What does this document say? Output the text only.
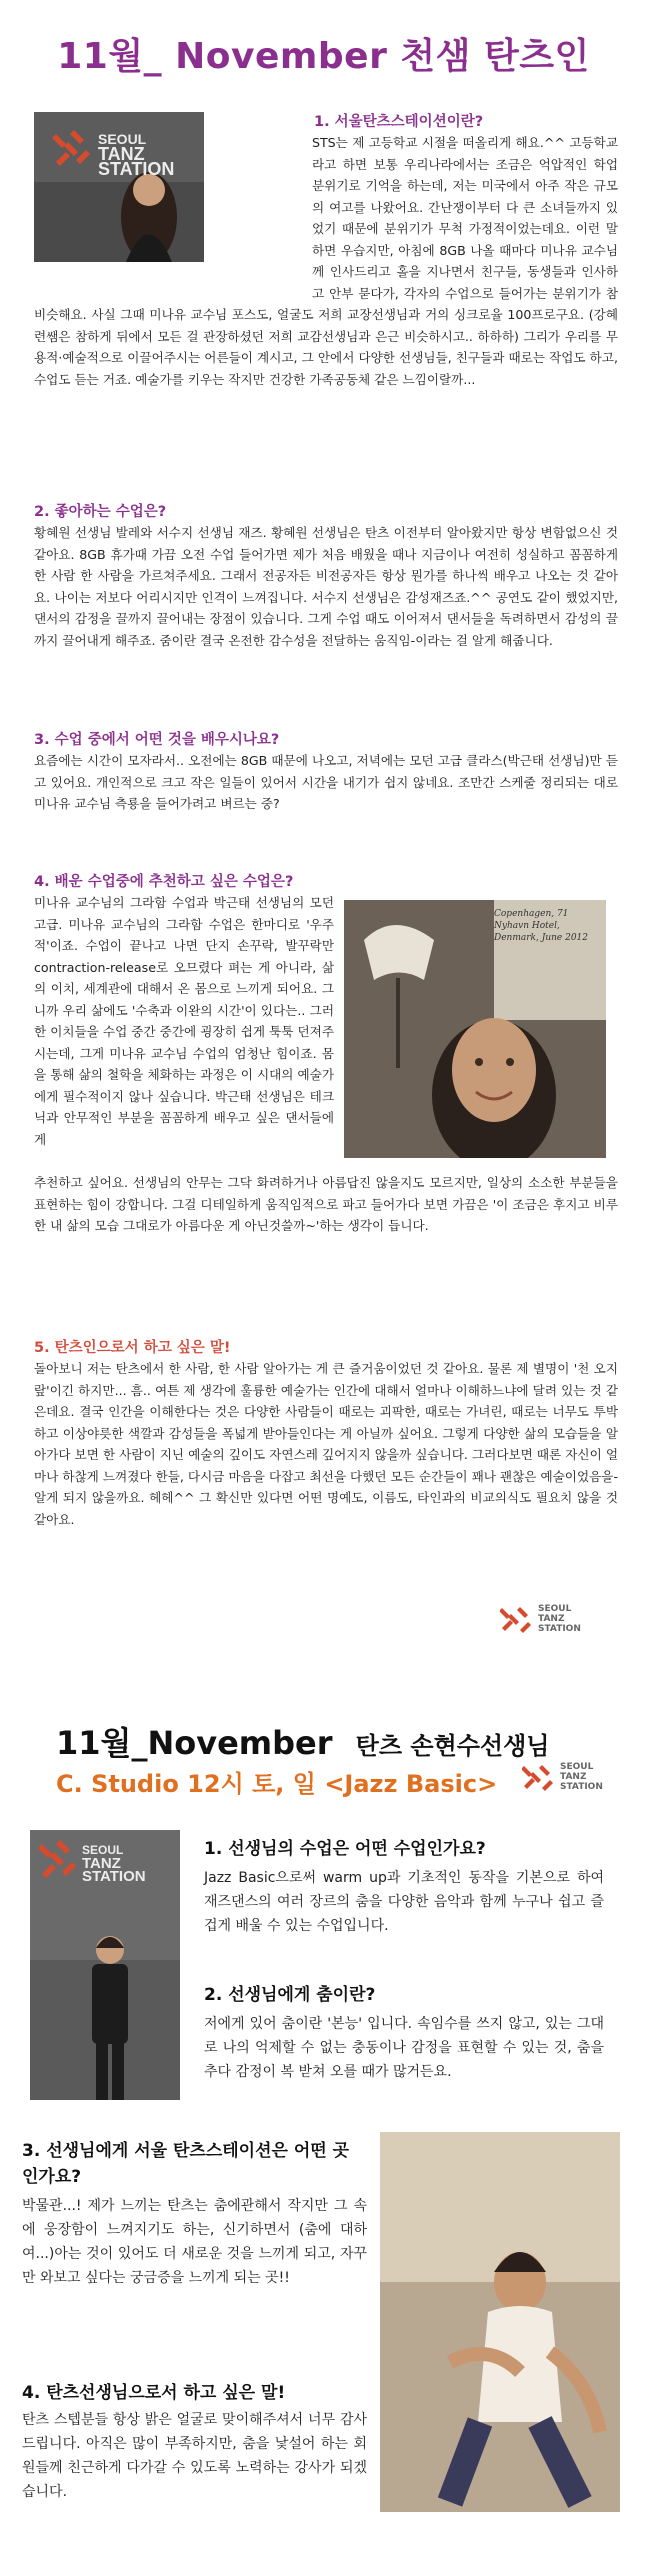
11월_ November 천샘 탄츠인
SEOUL
TANZ
STATION
1. 서울탄츠스테이션이란?
STS는 제 고등학교 시절을 떠올리게 해요.^^ 고등학교라고 하면 보통 우리나라에서는 조금은 억압적인 학업 분위기로 기억을 하는데, 저는 미국에서 아주 작은 규모의 여고를 나왔어요. 간난쟁이부터 다 큰 소녀들까지 있었기 때문에 분위기가 무척 가정적이었는데요. 이런 말하면 우습지만, 아침에 8GB 나올 때마다 미나유 교수님께 인사드리고 홀을 지나면서 친구들, 동생들과 인사하고 안부 묻다가, 각자의 수업으로 들어가는 분위기가 참 비슷해요. 사실 그때 미나유 교수님 포스도, 얼굴도 저희 교장선생님과 거의 싱크로율 100프로구요. (강혜련쌤은 참하게 뒤에서 모든 걸 관장하셨던 저희 교감선생님과 은근 비슷하시고.. 하하하) 그리가 우리를 무용적·예술적으로 이끌어주시는 어른들이 계시고, 그 안에서 다양한 선생님들, 친구들과 때로는 작업도 하고, 수업도 듣는 거죠. 예술가를 키우는 작지만 건강한 가족공동체 같은 느낌이랄까...
2. 좋아하는 수업은?
황혜원 선생님 발레와 서수지 선생님 재즈. 황혜원 선생님은 탄츠 이전부터 알아왔지만 항상 변함없으신 것 같아요. 8GB 휴가때 가끔 오전 수업 들어가면 제가 처음 배웠을 때나 지금이나 여전히 성실하고 꼼꼼하게 한 사람 한 사람을 가르쳐주세요. 그래서 전공자든 비전공자든 항상 뭔가를 하나씩 배우고 나오는 것 같아요. 나이는 저보다 어리시지만 인격이 느껴집니다. 서수지 선생님은 감성재즈죠.^^ 공연도 같이 했었지만, 댄서의 감정을 끌까지 끌어내는 장점이 있습니다. 그게 수업 때도 이어져서 댄서들을 독려하면서 감성의 끌까지 끌어내게 해주죠. 줌이란 결국 온전한 감수성을 전달하는 움직임-이라는 걸 알게 해줍니다.
3. 수업 중에서 어떤 것을 배우시나요?
요즘에는 시간이 모자라서.. 오전에는 8GB 때문에 나오고, 저녁에는 모던 고급 클라스(박근태 선생님)만 듣고 있어요. 개인적으로 크고 작은 일들이 있어서 시간을 내기가 쉽지 않네요. 조만간 스케줄 정리되는 대로 미나유 교수님 측룡을 들어가려고 벼르는 중?
4. 배운 수업중에 추천하고 싶은 수업은?
미나유 교수님의 그라함 수업과 박근태 선생님의 모던 고급. 미나유 교수님의 그라함 수업은 한마디로 '우주적'이죠. 수업이 끝나고 나면 단지 손꾸락, 발꾸락만 contraction-release로 오므렸다 펴는 게 아니라, 삶의 이치, 세계관에 대해서 온 몸으로 느끼게 되어요. 그니까 우리 삶에도 '수축과 이완의 시간'이 있다는.. 그러한 이치들을 수업 중간 중간에 굉장히 쉽게 툭툭 던져주시는데, 그게 미나유 교수님 수업의 엄청난 힘이죠. 몸을 통해 삶의 철학을 체화하는 과정은 이 시대의 예술가에게 필수적이지 않나 싶습니다. 박근태 선생님은 테크닉과 안무적인 부분을 꼼꼼하게 배우고 싶은 댄서들에게
Copenhagen, 71 Nyhavn Hotel, Denmark, June 2012
추천하고 싶어요. 선생님의 안무는 그닥 화려하거나 아름답진 않을지도 모르지만, 일상의 소소한 부분들을 표현하는 힘이 강합니다. 그걸 디테일하게 움직임적으로 파고 들어가다 보면 가끔은 '이 조금은 후지고 비루한 내 삶의 모습 그대로가 아름다운 게 아닌것쓸까~'하는 생각이 듭니다.
5. 탄츠인으로서 하고 싶은 말!
돌아보니 저는 탄츠에서 한 사람, 한 사람 알아가는 게 큰 즐거움이었던 것 같아요. 물론 제 별명이 '천 오지랖'이긴 하지만... 흠.. 여튼 제 생각에 훌륭한 예술가는 인간에 대해서 얼마나 이해하느냐에 달려 있는 것 같은데요. 결국 인간을 이해한다는 것은 다양한 사람들이 때로는 괴팍한, 때로는 가녀린, 때로는 너무도 투박하고 이상야릇한 색깔과 감성들을 폭넓게 받아들인다는 게 아닐까 싶어요. 그렇게 다양한 삶의 모습들을 알아가다 보면 한 사람이 지닌 예술의 깊이도 자연스레 깊어지지 않을까 싶습니다. 그러다보면 때론 자신이 얼마나 하찮게 느껴졌다 한들, 다시금 마음을 다잡고 최선을 다했던 모든 순간들이 꽤나 괜찮은 예술이었음을- 알게 되지 않을까요. 헤헤^^ 그 확신만 있다면 어떤 명예도, 이름도, 타인과의 비교의식도 필요치 않을 것 같아요.
SEOUL
TANZ
STATION
11월_November 탄츠 손현수선생님
C. Studio 12시 토, 일 <Jazz Basic>
SEOUL
TANZ
STATION
SEOUL
TANZ
STATION
1. 선생님의 수업은 어떤 수업인가요?
Jazz Basic으로써 warm up과 기초적인 동작을 기본으로 하여 재즈댄스의 여러 장르의 춤을 다양한 음악과 함께 누구나 쉽고 즐겁게 배울 수 있는 수업입니다.
2. 선생님에게 춤이란?
저에게 있어 춤이란 '본능' 입니다. 속임수를 쓰지 않고, 있는 그대로 나의 억제할 수 없는 충동이나 감정을 표현할 수 있는 것, 춤을 추다 감정이 복 받쳐 오를 때가 많거든요.
3. 선생님에게 서울 탄츠스테이션은 어떤 곳 인가요?
박물관...! 제가 느끼는 탄츠는 춤에관해서 작지만 그 속에 웅장함이 느껴지기도 하는, 신기하면서 (춤에 대하여...)아는 것이 있어도 더 새로운 것을 느끼게 되고, 자꾸만 와보고 싶다는 궁금증을 느끼게 되는 곳!!
4. 탄츠선생님으로서 하고 싶은 말!
탄츠 스텝분들 항상 밝은 얼굴로 맞이해주셔서 너무 감사드립니다. 아직은 많이 부족하지만, 춤을 낯설어 하는 회원들께 친근하게 다가갈 수 있도록 노력하는 강사가 되겠습니다.
